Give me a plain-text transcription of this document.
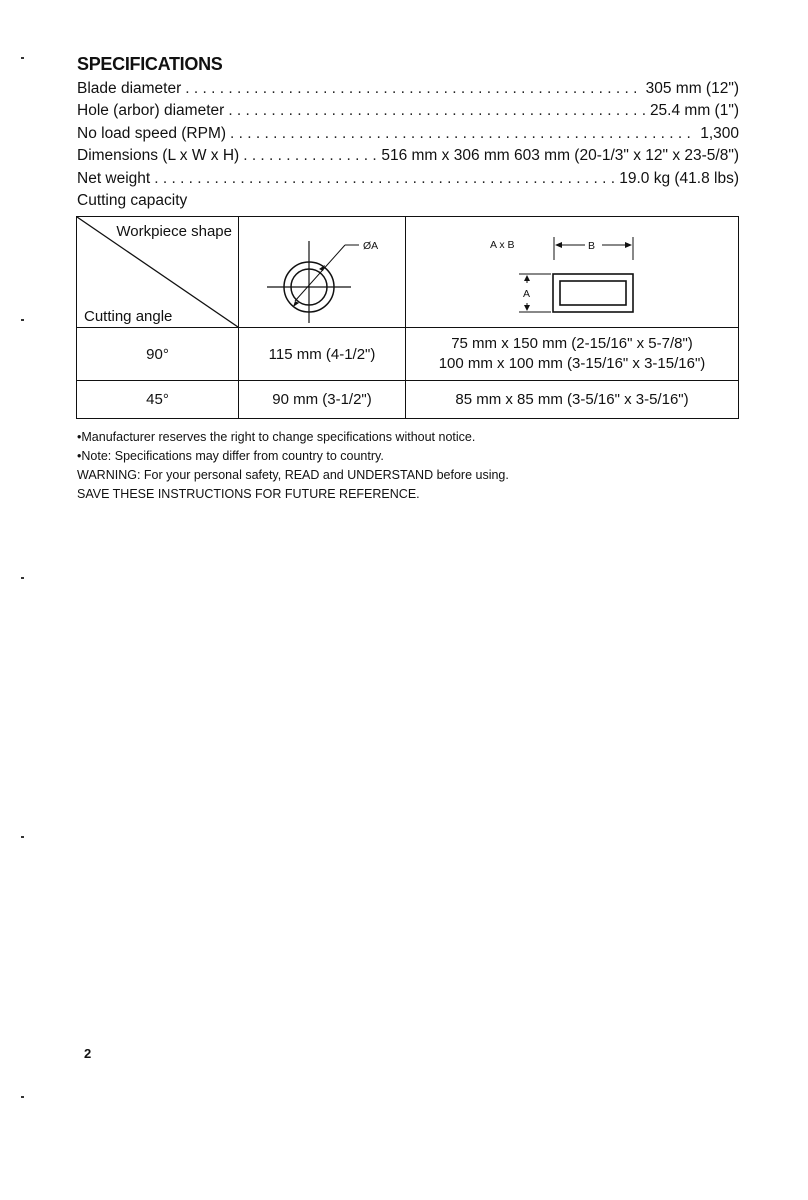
SPECIFICATIONS
Blade diameter . . .	305 mm (12")
Hole (arbor) diameter . . .	25.4 mm (1")
No load speed (RPM) . . .	1,300
Dimensions (L x W x H) . . .	516 mm x 306 mm 603 mm (20-1/3" x 12" x 23-5/8")
Net weight . . .	19.0 kg (41.8 lbs)
Cutting capacity
Workpiece shape
Cutting angle	ØA	A x B B
A

90°	115 mm (4-1/2")	75 mm x 150 mm (2-15/16" x 5-7/8")
100 mm x 100 mm (3-15/16" x 3-15/16")

45°	90 mm (3-1/2")	85 mm x 85 mm (3-5/16" x 3-5/16")
•Manufacturer reserves the right to change specifications without notice.
•Note: Specifications may differ from country to country.
WARNING: For your personal safety, READ and UNDERSTAND before using.
SAVE THESE INSTRUCTIONS FOR FUTURE REFERENCE.
2
